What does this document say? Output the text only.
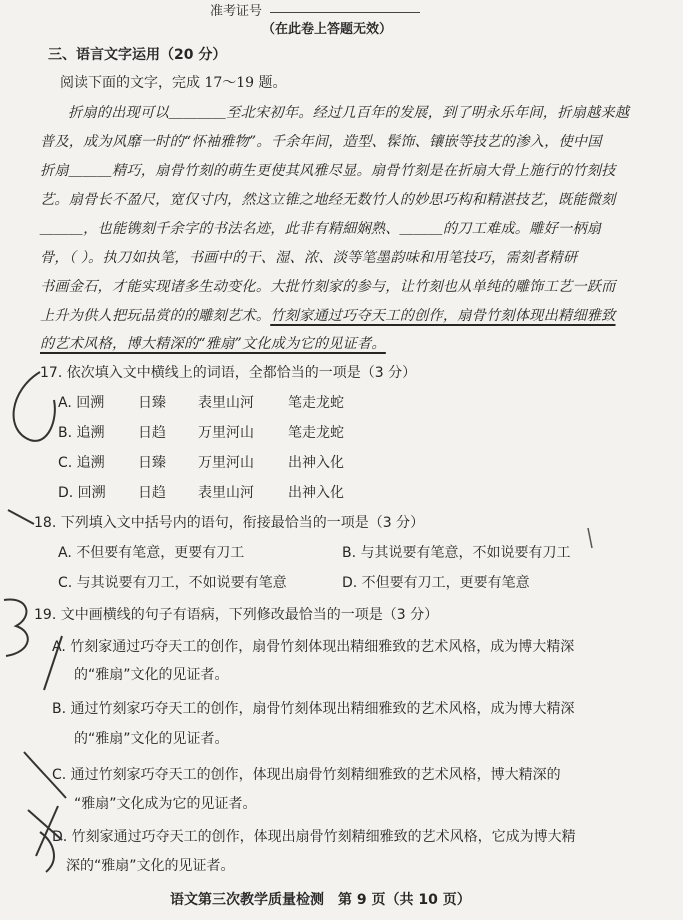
准考证号
（在此卷上答题无效）
三、语言文字运用（20 分）
阅读下面的文字，完成 17～19 题。
折扇的出现可以＿＿＿＿至北宋初年。经过几百年的发展，到了明永乐年间，折扇越来越
普及，成为风靡一时的“怀袖雅物”。千余年间，造型、髹饰、镶嵌等技艺的渗入，使中国
折扇＿＿＿精巧，扇骨竹刻的萌生更使其风雅尽显。扇骨竹刻是在折扇大骨上施行的竹刻技
艺。扇骨长不盈尺，宽仅寸内，然这立锥之地经无数竹人的妙思巧构和精湛技艺，既能微刻
＿＿＿，也能镌刻千余字的书法名迹，此非有精細娴熟、＿＿＿的刀工难成。雕好一柄扇
骨，（ ）。执刀如执笔，书画中的干、湿、浓、淡等笔墨韵味和用笔技巧，需刻者精研
书画金石，才能实现诸多生动变化。大批竹刻家的参与，让竹刻也从单纯的雕饰工艺一跃而
上升为供人把玩品赏的的雕刻艺术。竹刻家通过巧夺天工的创作，扇骨竹刻体现出精细雅致
的艺术风格，博大精深的“雅扇”文化成为它的见证者。
17. 依次填入文中横线上的词语，全都恰当的一项是（3 分）
A. 回溯 日臻 表里山河 笔走龙蛇
B. 追溯 日趋 万里河山 笔走龙蛇
C. 追溯 日臻 万里河山 出神入化
D. 回溯 日趋 表里山河 出神入化
18. 下列填入文中括号内的语句，衔接最恰当的一项是（3 分）
A. 不但要有笔意，更要有刀工	B. 与其说要有笔意，不如说要有刀工
C. 与其说要有刀工，不如说要有笔意	D. 不但要有刀工，更要有笔意
19. 文中画横线的句子有语病，下列修改最恰当的一项是（3 分）
A. 竹刻家通过巧夺天工的创作，扇骨竹刻体现出精细雅致的艺术风格，成为博大精深
的“雅扇”文化的见证者。
B. 通过竹刻家巧夺天工的创作，扇骨竹刻体现出精细雅致的艺术风格，成为博大精深
的“雅扇”文化的见证者。
C. 通过竹刻家巧夺天工的创作，体现出扇骨竹刻精细雅致的艺术风格，博大精深的
“雅扇”文化成为它的见证者。
D. 竹刻家通过巧夺天工的创作，体现出扇骨竹刻精细雅致的艺术风格，它成为博大精
深的“雅扇”文化的见证者。
语文第三次教学质量检测　第 9 页（共 10 页）
